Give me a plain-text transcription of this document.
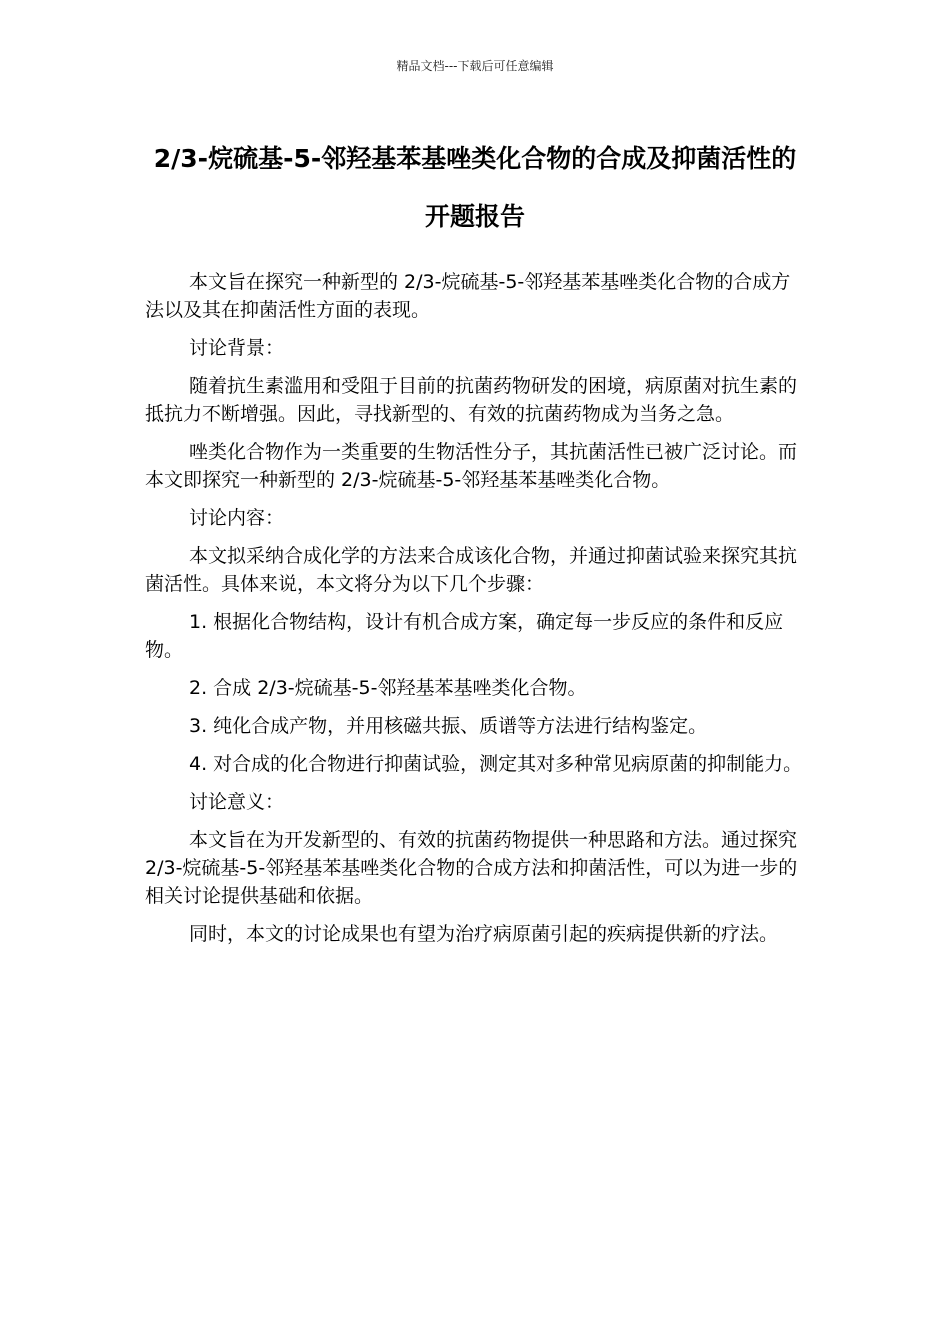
精品文档---下载后可任意编辑
2/3-烷硫基-5-邻羟基苯基唑类化合物的合成及抑菌活性的开题报告

本文旨在探究一种新型的 2/3-烷硫基-5-邻羟基苯基唑类化合物的合成方法以及其在抑菌活性方面的表现。

讨论背景：

随着抗生素滥用和受阻于目前的抗菌药物研发的困境，病原菌对抗生素的抵抗力不断增强。因此，寻找新型的、有效的抗菌药物成为当务之急。

唑类化合物作为一类重要的生物活性分子，其抗菌活性已被广泛讨论。而本文即探究一种新型的 2/3-烷硫基-5-邻羟基苯基唑类化合物。

讨论内容：

本文拟采纳合成化学的方法来合成该化合物，并通过抑菌试验来探究其抗菌活性。具体来说，本文将分为以下几个步骤：

1. 根据化合物结构，设计有机合成方案，确定每一步反应的条件和反应物。

2. 合成 2/3-烷硫基-5-邻羟基苯基唑类化合物。

3. 纯化合成产物，并用核磁共振、质谱等方法进行结构鉴定。

4. 对合成的化合物进行抑菌试验，测定其对多种常见病原菌的抑制能力。

讨论意义：

本文旨在为开发新型的、有效的抗菌药物提供一种思路和方法。通过探究 2/3-烷硫基-5-邻羟基苯基唑类化合物的合成方法和抑菌活性，可以为进一步的相关讨论提供基础和依据。

同时，本文的讨论成果也有望为治疗病原菌引起的疾病提供新的疗法。
